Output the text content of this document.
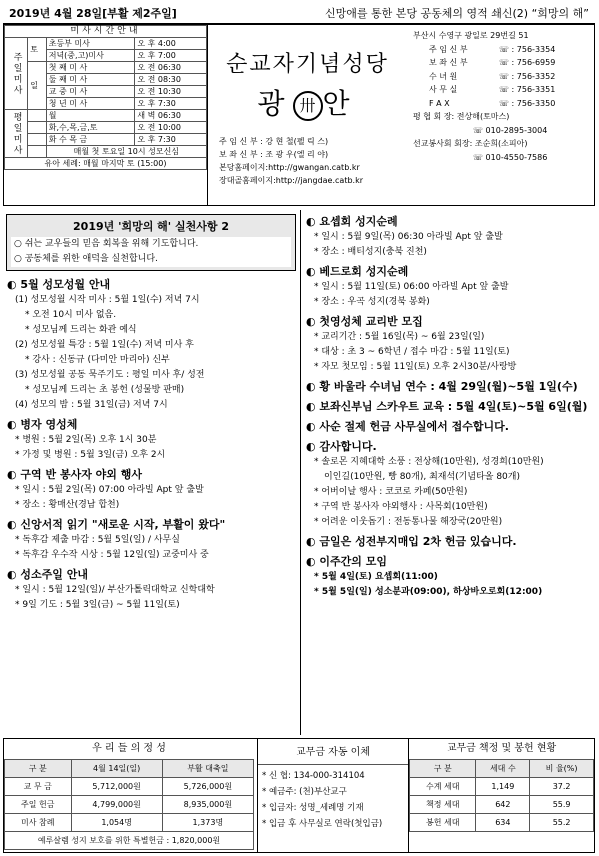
2019년 4월 28일[부활 제2주일]	신망애를 통한 본당 공동체의 영적 쇄신(2) “희망의 해”
미사시간안내			
주일미사	토	초등부 미사	오 후 4:00
		저녁(중,고)미사	오 후 7:00
	일	첫 째 미 사	오 전 06:30
		둘 째 미 사	오 전 08:30
		교 중 미 사	오 전 10:30
		청 년 미 사	오 후 7:30
평일미사		월	새 벽 06:30
		화,수,목,금,토	오 전 10:00
		화 수 목 금	오 후 7:30
		매월 첫 토요일 10시 성모신심	
유아 세례: 매월 마지막 토 (15:00)			
순교자기념성당
광 卅 안
주 임 신 부 : 강 현 철(펠 릭 스)
보 좌 신 부 : 조 광 우(엘 리 야)
본당홈페이지:http://gwangan.catb.kr
장대골홈페이지:http://jangdae.catb.kr
부산시 수영구 광일로 29번길 51
주 임 신 부	☏ : 756-3354
보 좌 신 부	☏ : 756-6959
수 녀 원	☏ : 756-3352
사 무 실	☏ : 756-3351
F A X	☏ : 756-3350
평 협 회 장: 전상해(토마스)
☏ 010-2895-3004
선교봉사회 회장: 조순희(소피아)
☏ 010-4550-7586
2019년 '희망의 해' 실천사항 2
○ 쉬는 교우들의 믿음 회복을 위해 기도합니다.
○ 공동체를 위한 애덕을 실천합니다.
◐ 5월 성모성월 안내
(1) 성모성월 시작 미사 : 5월 1일(수) 저녁 7시
* 오전 10시 미사 없음.
* 성모님께 드리는 화관 예식
(2) 성모성월 특강 : 5월 1일(수) 저녁 미사 후
* 강사 : 신동규 (다미안 마리아) 신부
(3) 성모성월 공동 묵주기도 : 평일 미사 후/ 성전
* 성모님께 드리는 초 봉헌 (성물방 판매)
(4) 성모의 밤 : 5월 31일(금) 저녁 7시
◐ 병자 영성체
* 병원 : 5월 2일(목) 오후 1시 30분
* 가정 및 병원 : 5월 3일(금) 오후 2시
◐ 구역 반 봉사자 야외 행사
* 일시 : 5월 2일(목) 07:00 아라빌 Apt 앞 출발
* 장소 : 황매산(경남 합천)
◐ 신앙서적 읽기 "새로운 시작, 부활이 왔다"
* 독후감 제출 마감 : 5월 5일(일) / 사무실
* 독후감 우수작 시상 : 5월 12일(일) 교중미사 중
◐ 성소주일 안내
* 일시 : 5월 12일(일)/ 부산가톨릭대학교 신학대학
* 9일 기도 : 5월 3일(금) ~ 5월 11일(토)
◐ 요셉회 성지순례
* 일시 : 5월 9일(목) 06:30 아라빌 Apt 앞 출발
* 장소 : 배티성지(충북 진천)
◐ 베드로회 성지순례
* 일시 : 5월 11일(토) 06:00 아라빌 Apt 앞 출발
* 장소 : 우곡 성지(경북 봉화)
◐ 첫영성체 교리반 모집
* 교리기간 : 5월 16일(목) ~ 6월 23일(일)
* 대상 : 초 3 ~ 6학년 / 접수 마감 : 5월 11일(토)
* 자모 첫모임 : 5월 11일(토) 오후 2시30분/사랑방
◐ 황 바울라 수녀님 연수 : 4월 29일(월)~5월 1일(수)
◐ 보좌신부님 스카우트 교육 : 5월 4일(토)~5월 6일(월)
◐ 사순 절제 헌금 사무실에서 접수합니다.
◐ 감사합니다.
* 솔로몬 지혜대학 소풍 : 전상해(10만원), 성경희(10만원)
이인길(10만원, 빵 80개), 최재석(기념타올 80개)
* 어버이날 행사 : 코코로 카페(50만원)
* 구역 반 봉사자 야외행사 : 사목회(10만원)
* 어려운 이웃돕기 : 전동통나물 해장국(20만원)
◐ 금일은 성전부지매입 2차 헌금 있습니다.
◐ 이주간의 모임
* 5월 4일(토) 요셉회(11:00)
* 5월 5일(일) 성소분과(09:00), 하상바오로회(12:00)
우 리 들 의 정 성
구 분	4월 14일(일)	부활 대축일
교 무 금	5,712,000원	5,726,000원
주일 헌금	4,799,000원	8,935,000원
미사 참례	1,054명	1,373명
예루살렘 성지 보호를 위한 특별헌금 : 1,820,000원		
교무금 자동 이체
* 신 협: 134-000-314104
* 예금주: (천)부산교구
* 입금자: 성명_세례명 기재
* 입금 후 사무실로 연락(첫입금)
교무금 책정 및 봉헌 현황
구 분	세대 수	비 율(%)
수계 세대	1,149	37.2
책정 세대	642	55.9
봉헌 세대	634	55.2
